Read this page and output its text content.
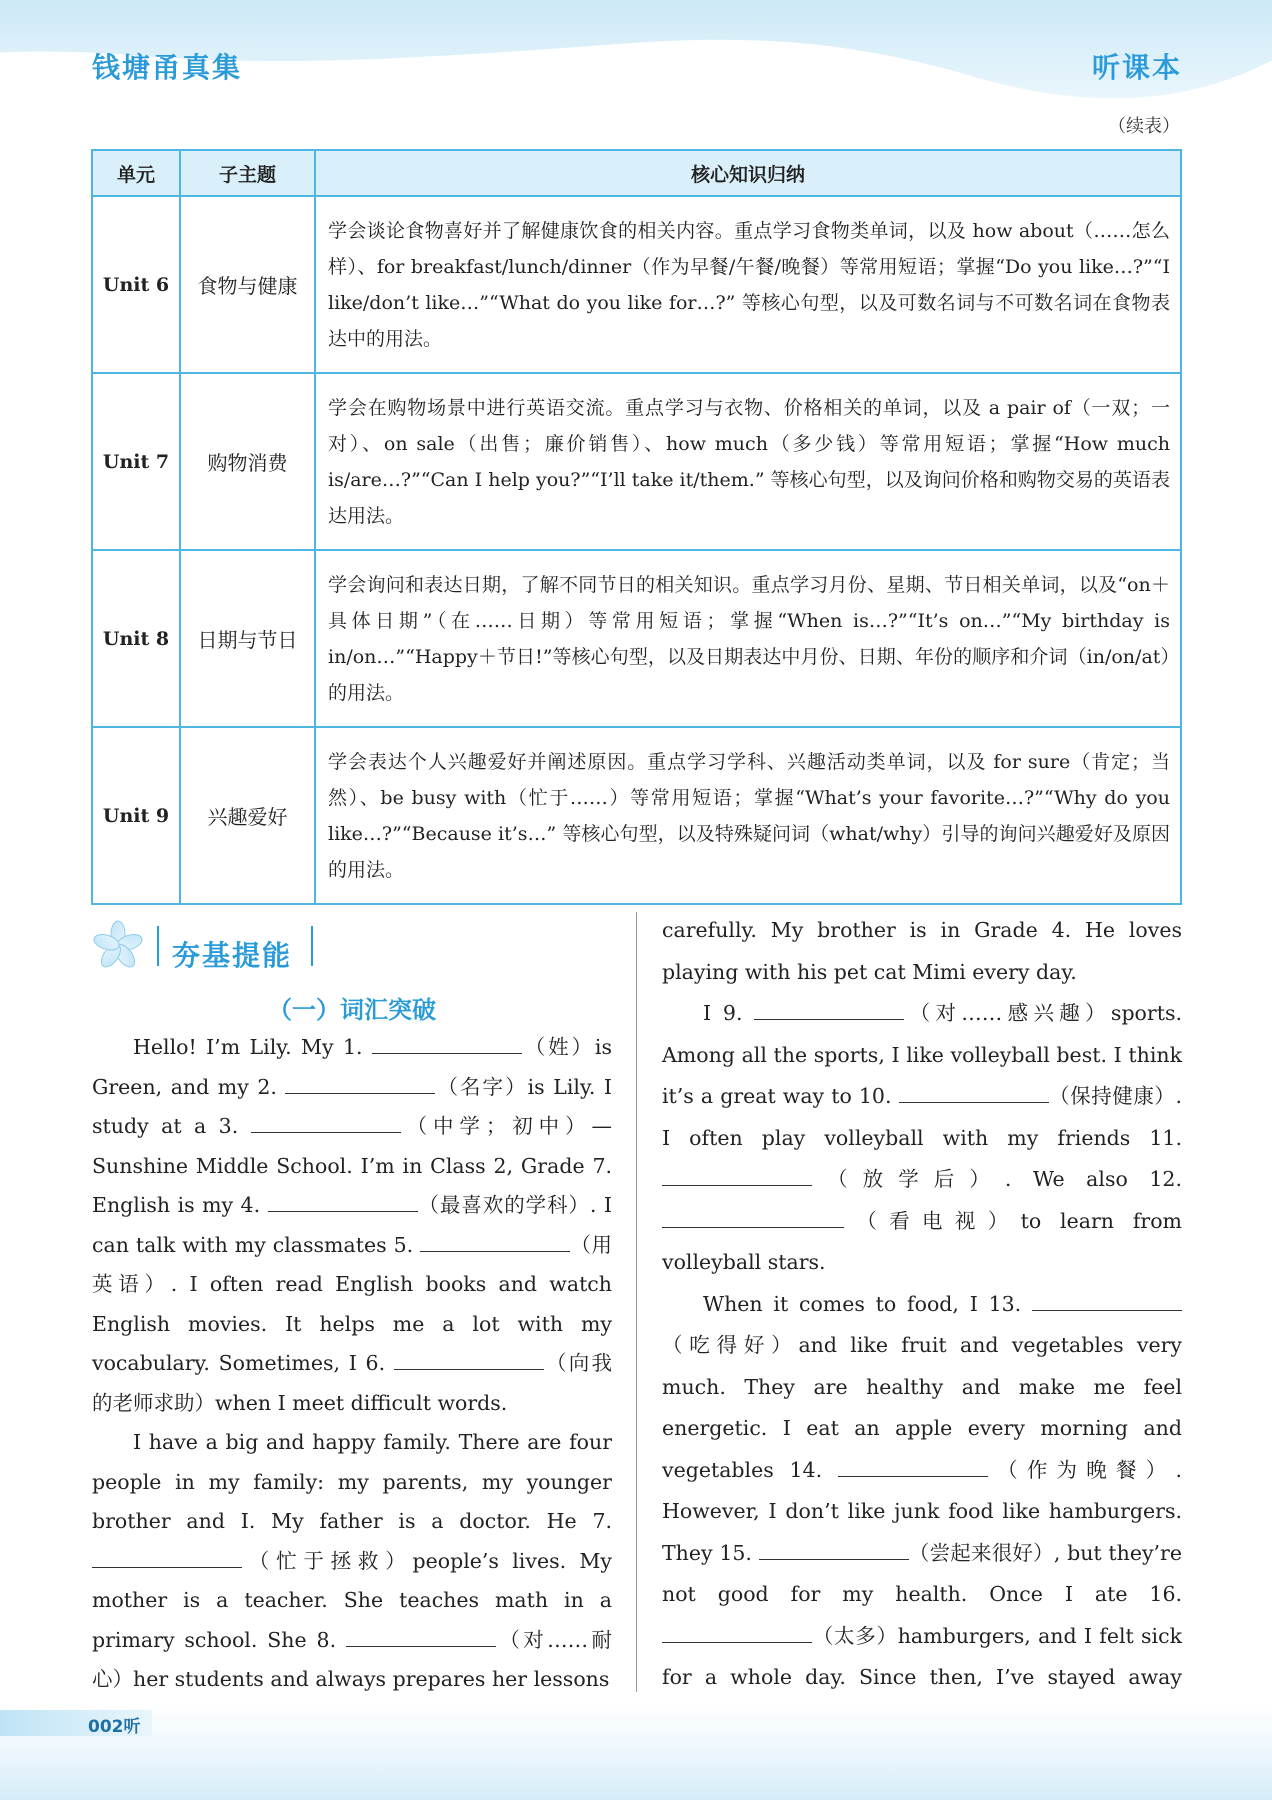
钱塘甬真集	听课本
（续表）
单元	子主题	核心知识归纳
Unit 6	食物与健康	学会谈论食物喜好并了解健康饮食的相关内容。重点学习食物类单词，以及 how about（……怎么样）、for breakfast/lunch/dinner（作为早餐/午餐/晚餐）等常用短语；掌握“Do you like…?”“I like/don’t like…”“What do you like for…?” 等核心句型，以及可数名词与不可数名词在食物表达中的用法。
Unit 7	购物消费	学会在购物场景中进行英语交流。重点学习与衣物、价格相关的单词，以及 a pair of（一双；一对）、on sale（出售；廉价销售）、how much（多少钱）等常用短语；掌握“How much is/are…?”“Can I help you?”“I’ll take it/them.” 等核心句型，以及询问价格和购物交易的英语表达用法。
Unit 8	日期与节日	学会询问和表达日期，了解不同节日的相关知识。重点学习月份、星期、节日相关单词，以及“on＋具体日期”（在……日期）等常用短语；掌握“When is…?”“It’s on…”“My birthday is in/on…”“Happy＋节日!”等核心句型，以及日期表达中月份、日期、年份的顺序和介词（in/on/at）的用法。
Unit 9	兴趣爱好	学会表达个人兴趣爱好并阐述原因。重点学习学科、兴趣活动类单词，以及 for sure（肯定；当然）、be busy with（忙于……）等常用短语；掌握“What’s your favorite…?”“Why do you like…?”“Because it’s…” 等核心句型，以及特殊疑问词（what/why）引导的询问兴趣爱好及原因的用法。
夯基提能
（一）词汇突破

Hello! I’m Lily. My 1.	（姓）is Green, and my 2.	（名字）is Lily. I study at a 3.	（中学；初中）—Sunshine Middle School. I’m in Class 2, Grade 7. English is my 4.	（最喜欢的学科）. I can talk with my classmates 5.	（用英语）. I often read English books and watch English movies. It helps me a lot with my vocabulary. Sometimes, I 6.	（向我的老师求助）when I meet difficult words.

I have a big and happy family. There are four people in my family: my parents, my younger brother and I. My father is a doctor. He 7. （忙于拯救）people’s lives. My mother is a teacher. She teaches math in a primary school. She 8.	（对……耐心）her students and always prepares her lessons

carefully. My brother is in Grade 4. He loves playing with his pet cat Mimi every day.

I 9.	（对……感兴趣）sports. Among all the sports, I like volleyball best. I think it’s a great way to 10.	（保持健康）. I often play volleyball with my friends 11. （放学后）. We also 12. （看电视）to learn from volleyball stars.

When it comes to food, I 13. （吃得好）and like fruit and vegetables very much. They are healthy and make me feel energetic. I eat an apple every morning and vegetables 14.	（作为晚餐）. However, I don’t like junk food like hamburgers. They 15.	（尝起来很好）, but they’re not good for my health. Once I ate 16. （太多）hamburgers, and I felt sick for a whole day. Since then, I’ve stayed away

002听
